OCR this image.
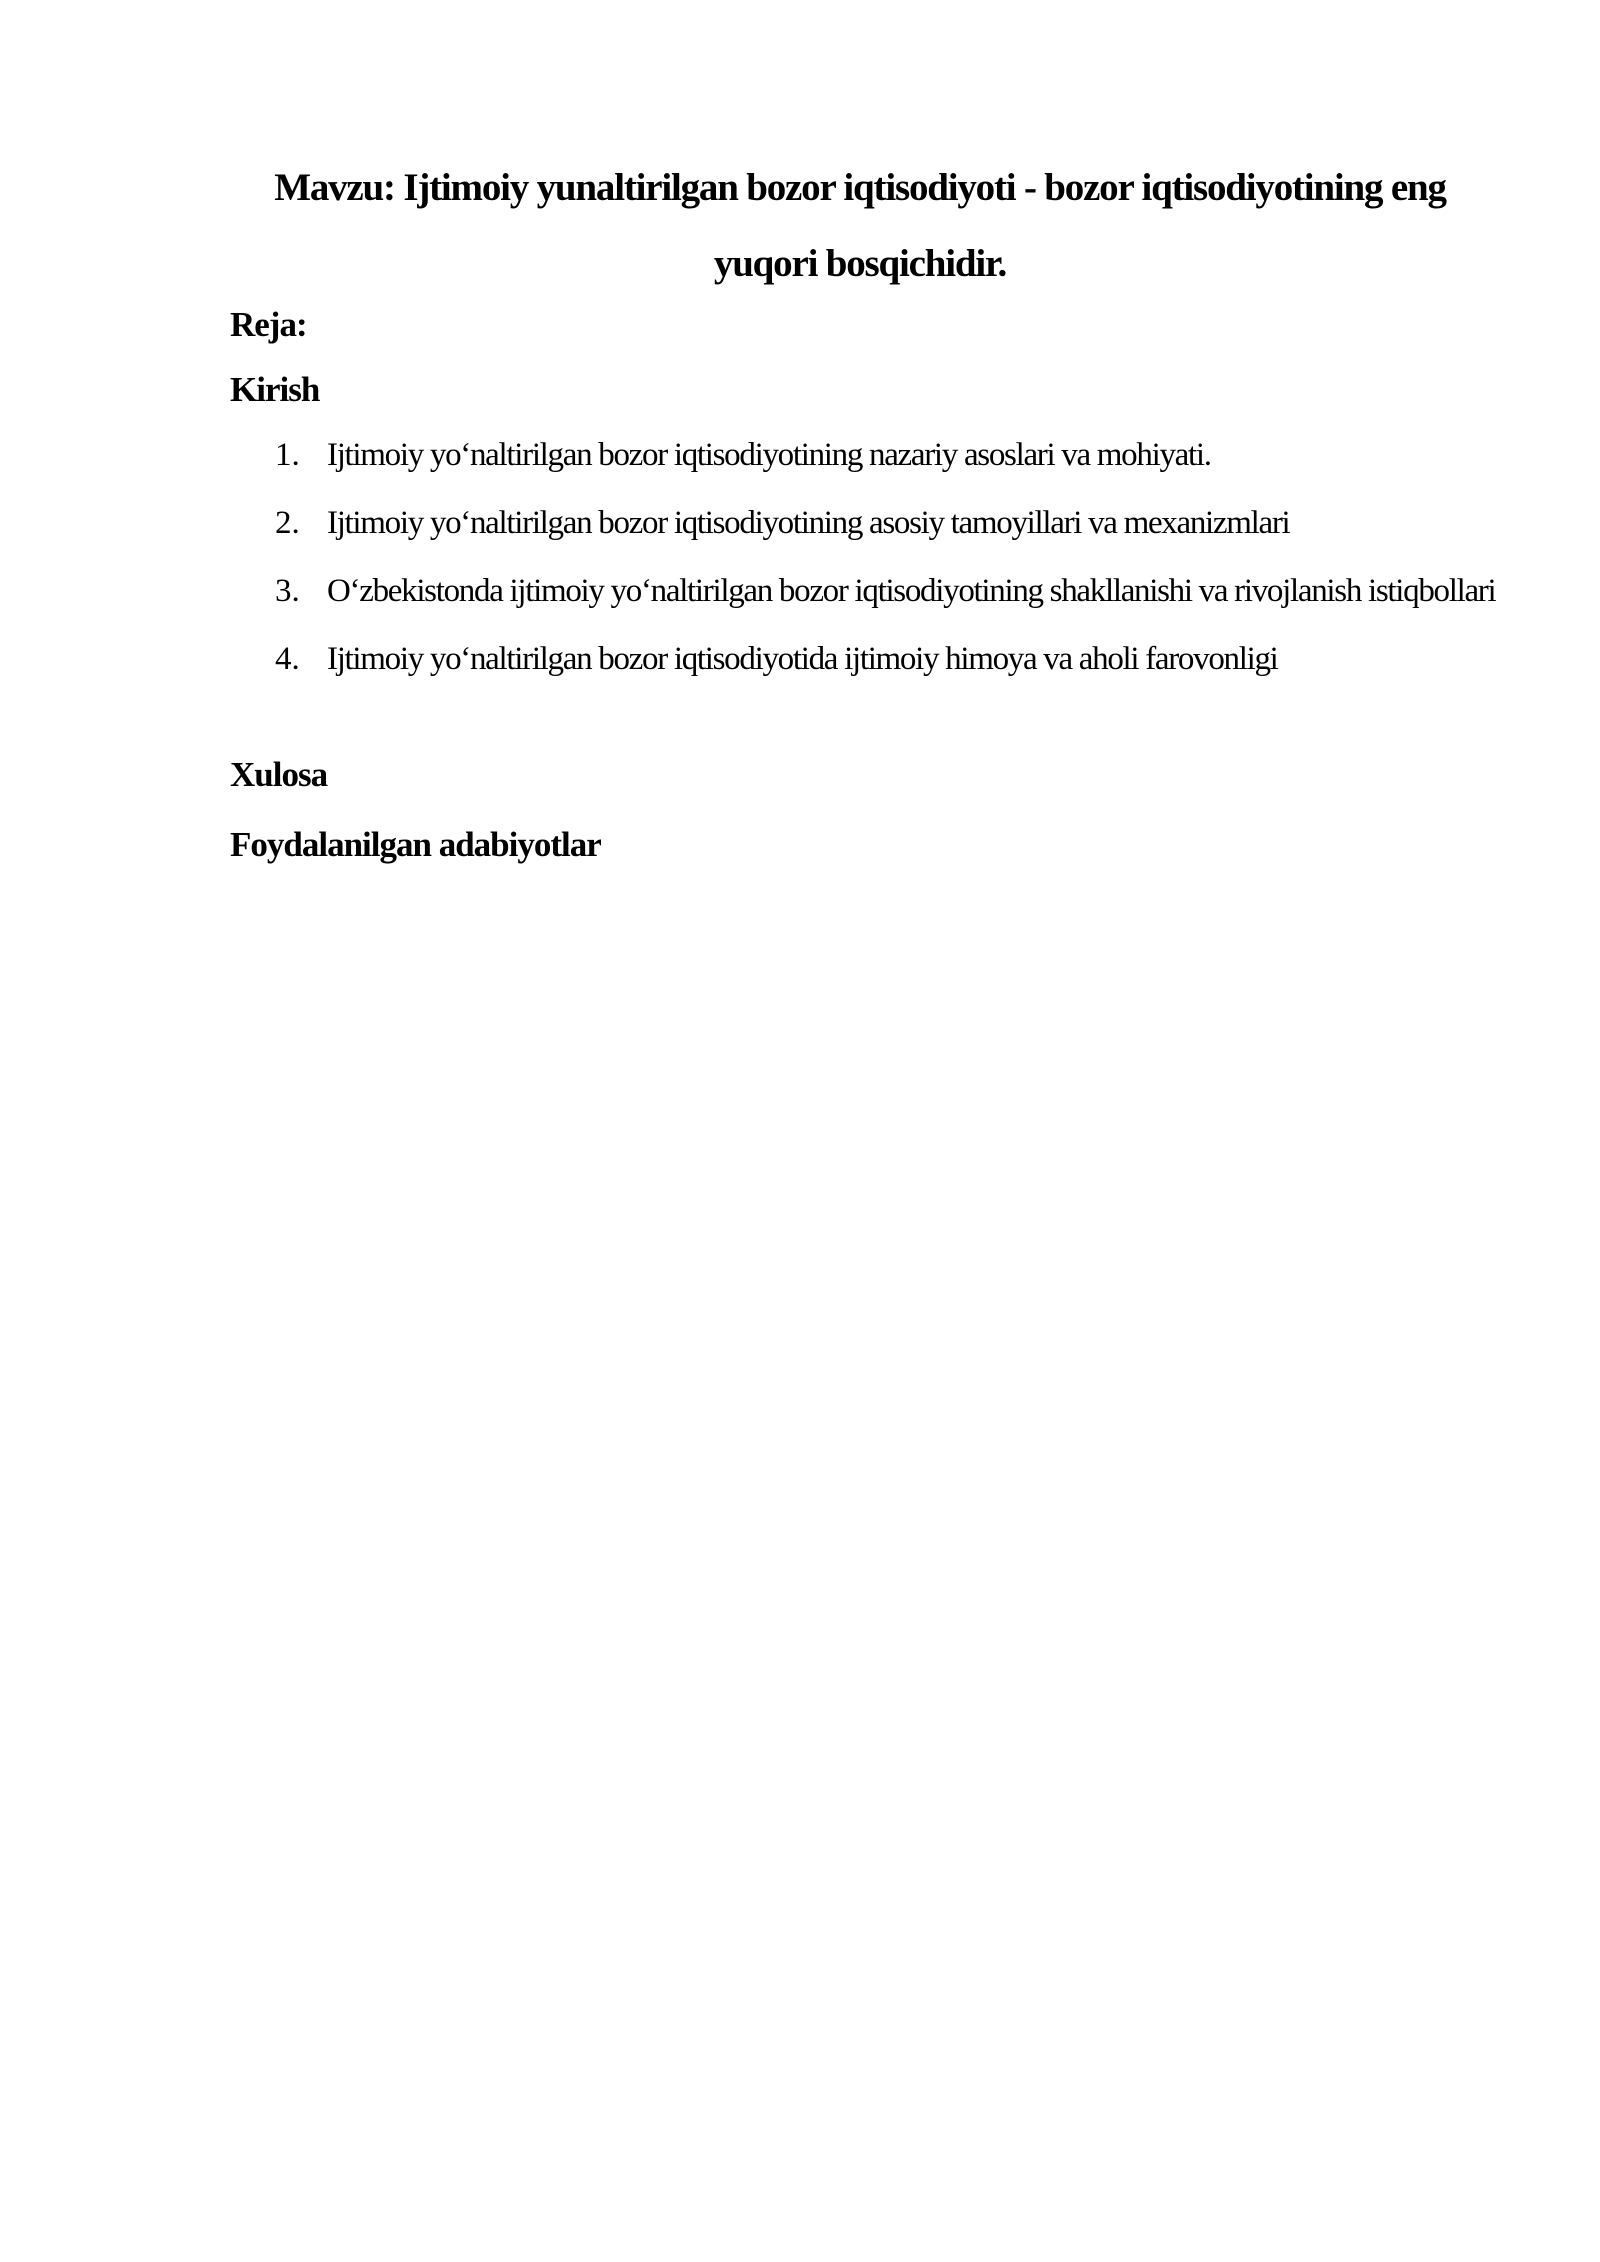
Mavzu: Ijtimoiy yunaltirilgan bozor iqtisodiyoti - bozor iqtisodiyotining eng yuqori bosqichidir.

Reja:

Kirish

1. Ijtimoiy yo‘naltirilgan bozor iqtisodiyotining nazariy asoslari va mohiyati.
2. Ijtimoiy yo‘naltirilgan bozor iqtisodiyotining asosiy tamoyillari va mexanizmlari
3. O‘zbekistonda ijtimoiy yo‘naltirilgan bozor iqtisodiyotining shakllanishi va rivojlanish istiqbollari
4. Ijtimoiy yo‘naltirilgan bozor iqtisodiyotida ijtimoiy himoya va aholi farovonligi

Xulosa

Foydalanilgan adabiyotlar
